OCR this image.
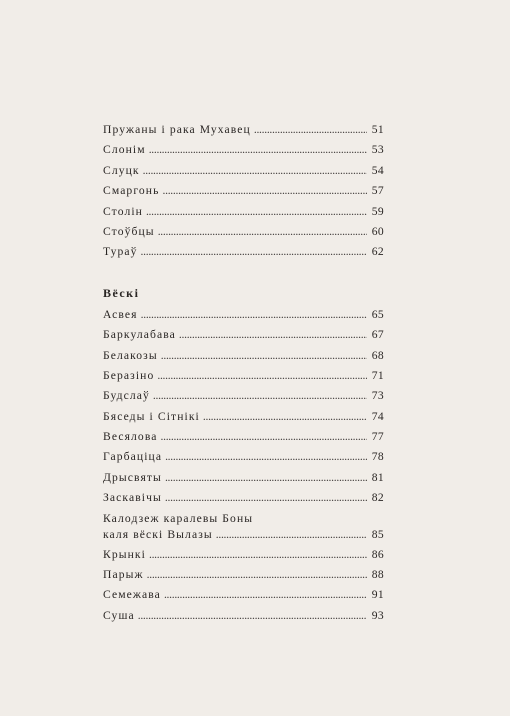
Пружаны і рака Мухавец . . .	51
Слонім . . .	53
Слуцк . . .	54
Смаргонь . . .	57
Столін . . .	59
Стоўбцы . . .	60
Тураў . . .	62
Вёскі
Асвея . . .	65
Баркулабава . . .	67
Белакозы . . .	68
Беразіно . . .	71
Будслаў . . .	73
Бяседы і Сітнікі . . .	74
Весялова . . .	77
Гарбаціца . . .	78
Дрысвяты . . .	81
Заскавічы . . .	82
Калодзеж каралевы Боны
каля вёскі Вылазы . . .	85
Крынкі . . .	86
Парыж . . .	88
Семежава . . .	91
Суша . . .	93
